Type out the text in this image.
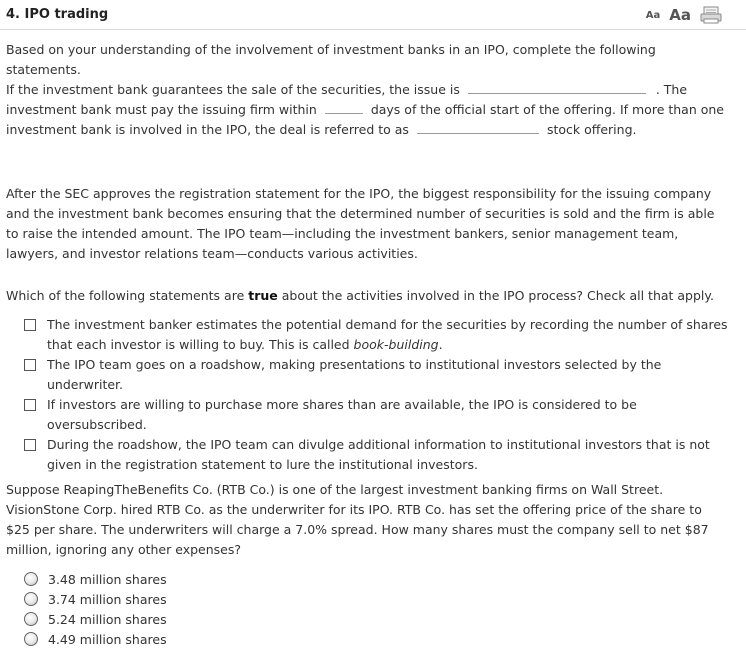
4. IPO trading	Aa Aa
Based on your understanding of the involvement of investment banks in an IPO, complete the following statements.
If the investment bank guarantees the sale of the securities, the issue is	. The investment bank must pay the issuing firm within	days of the official start of the offering. If more than one investment bank is involved in the IPO, the deal is referred to as	stock offering.
After the SEC approves the registration statement for the IPO, the biggest responsibility for the issuing company and the investment bank becomes ensuring that the determined number of securities is sold and the firm is able to raise the intended amount. The IPO team—including the investment bankers, senior management team, lawyers, and investor relations team—conducts various activities.
Which of the following statements are true about the activities involved in the IPO process? Check all that apply.
The investment banker estimates the potential demand for the securities by recording the number of shares that each investor is willing to buy. This is called book-building.
The IPO team goes on a roadshow, making presentations to institutional investors selected by the underwriter.
If investors are willing to purchase more shares than are available, the IPO is considered to be oversubscribed.
During the roadshow, the IPO team can divulge additional information to institutional investors that is not given in the registration statement to lure the institutional investors.
Suppose ReapingTheBenefits Co. (RTB Co.) is one of the largest investment banking firms on Wall Street. VisionStone Corp. hired RTB Co. as the underwriter for its IPO. RTB Co. has set the offering price of the share to $25 per share. The underwriters will charge a 7.0% spread. How many shares must the company sell to net $87 million, ignoring any other expenses?
3.48 million shares
3.74 million shares
5.24 million shares
4.49 million shares
